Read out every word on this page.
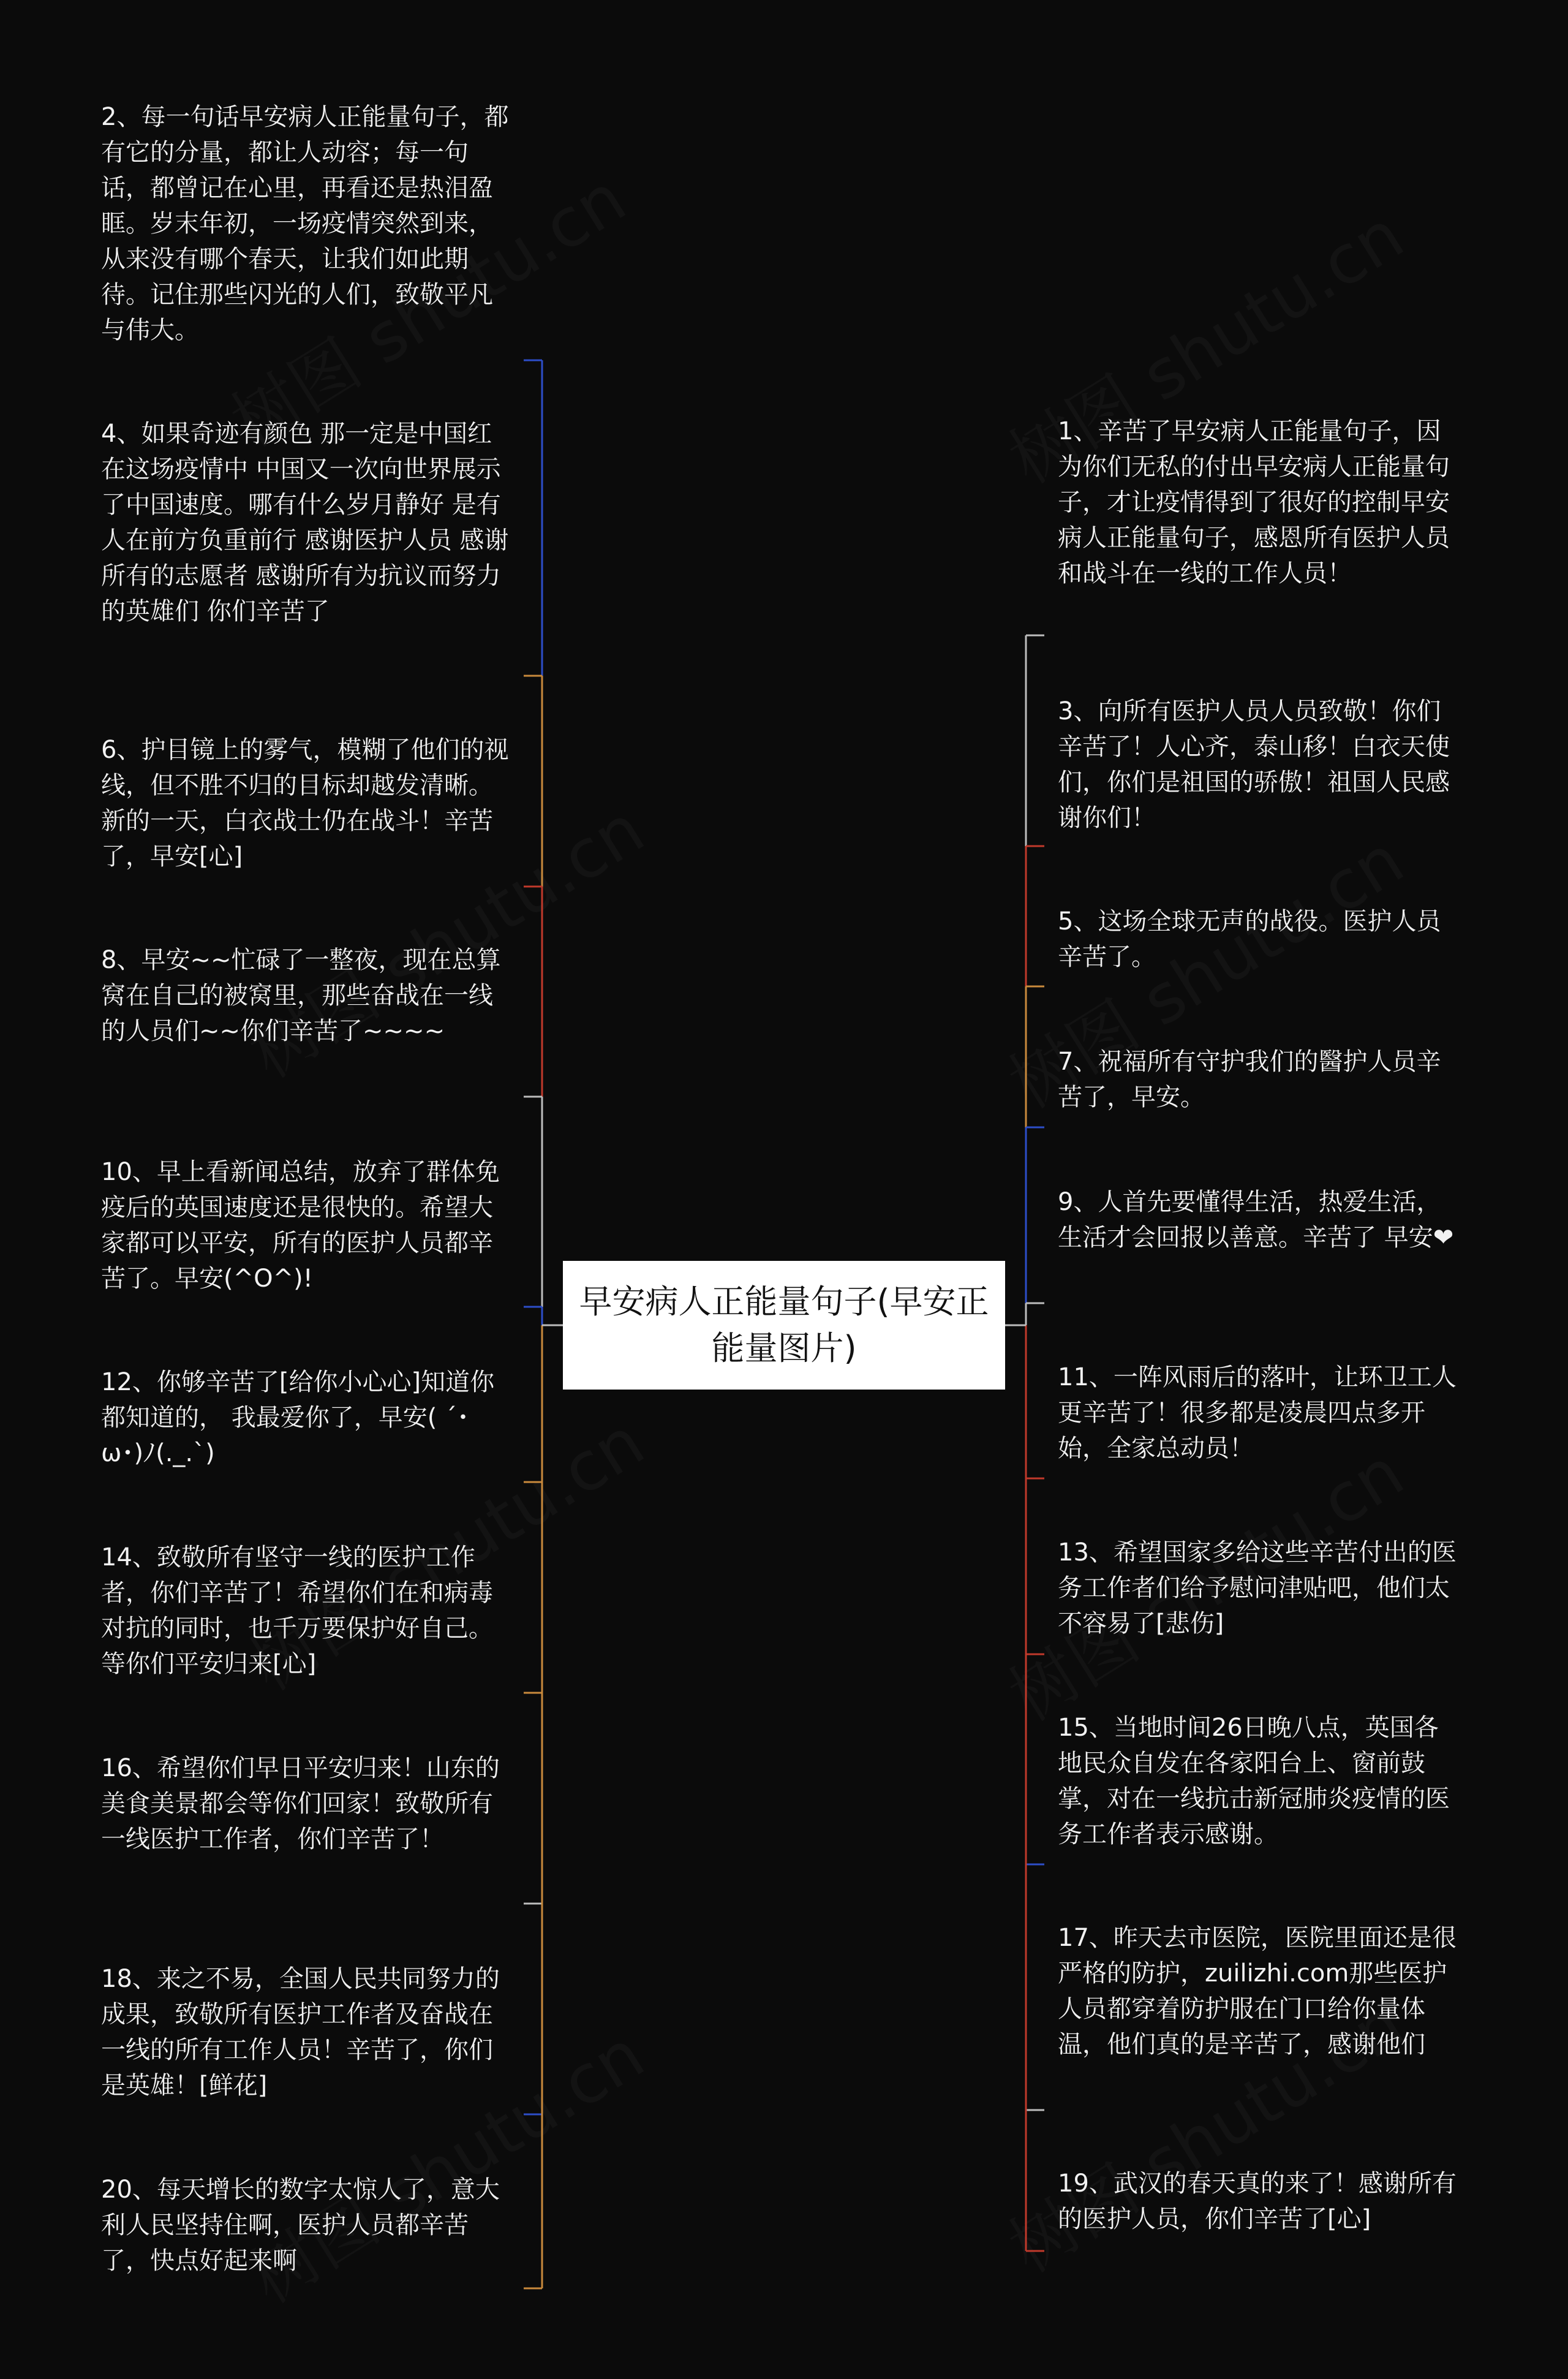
早安病人正能量句子(早安正能量图片)
2、每一句话早安病人正能量句子，都有它的分量，都让人动容；每一句话，都曾记在心里，再看还是热泪盈眶。岁末年初，一场疫情突然到来，从来没有哪个春天，让我们如此期待。记住那些闪光的人们，致敬平凡与伟大。
4、如果奇迹有颜色 那一定是中国红 在这场疫情中 中国又一次向世界展示了中国速度。哪有什么岁月静好 是有人在前方负重前行 感谢医护人员 感谢所有的志愿者 感谢所有为抗议而努力的英雄们 你们辛苦了
6、护目镜上的雾气，模糊了他们的视线，但不胜不归的目标却越发清晰。新的一天，白衣战士仍在战斗！辛苦了，早安[心]
8、早安~~忙碌了一整夜，现在总算窝在自己的被窝里，那些奋战在一线的人员们~~你们辛苦了~~~~
10、早上看新闻总结，放弃了群体免疫后的英国速度还是很快的。希望大家都可以平安，所有的医护人员都辛苦了。早安(^O^)!
12、你够辛苦了[给你小心心]知道你都知道的， 我最爱你了，早安( ´･ω･)ﾉ(._.`)
14、致敬所有坚守一线的医护工作者，你们辛苦了！希望你们在和病毒对抗的同时，也千万要保护好自己。等你们平安归来[心]
16、希望你们早日平安归来！山东的美食美景都会等你们回家！致敬所有一线医护工作者，你们辛苦了！
18、来之不易，全国人民共同努力的成果，致敬所有医护工作者及奋战在一线的所有工作人员！辛苦了，你们是英雄！[鲜花]
20、每天增长的数字太惊人了，意大利人民坚持住啊，医护人员都辛苦了，快点好起来啊
1、辛苦了早安病人正能量句子，因为你们无私的付出早安病人正能量句子，才让疫情得到了很好的控制早安病人正能量句子，感恩所有医护人员和战斗在一线的工作人员！
3、向所有医护人员人员致敬！你们辛苦了！人心齐，泰山移！白衣天使们，你们是祖国的骄傲！祖国人民感谢你们！
5、这场全球无声的战役。医护人员 辛苦了。
7、祝福所有守护我们的醫护人员辛苦了，早安。
9、人首先要懂得生活，热爱生活，生活才会回报以善意。辛苦了 早安❤
11、一阵风雨后的落叶，让环卫工人更辛苦了！很多都是凌晨四点多开始，全家总动员！
13、希望国家多给这些辛苦付出的医务工作者们给予慰问津贴吧，他们太不容易了[悲伤]
15、当地时间26日晚八点，英国各地民众自发在各家阳台上、窗前鼓掌，对在一线抗击新冠肺炎疫情的医务工作者表示感谢。
17、昨天去市医院，医院里面还是很严格的防护，zuilizhi.com那些医护人员都穿着防护服在门口给你量体温，他们真的是辛苦了，感谢他们
19、武汉的春天真的来了！感谢所有的医护人员，你们辛苦了[心]
